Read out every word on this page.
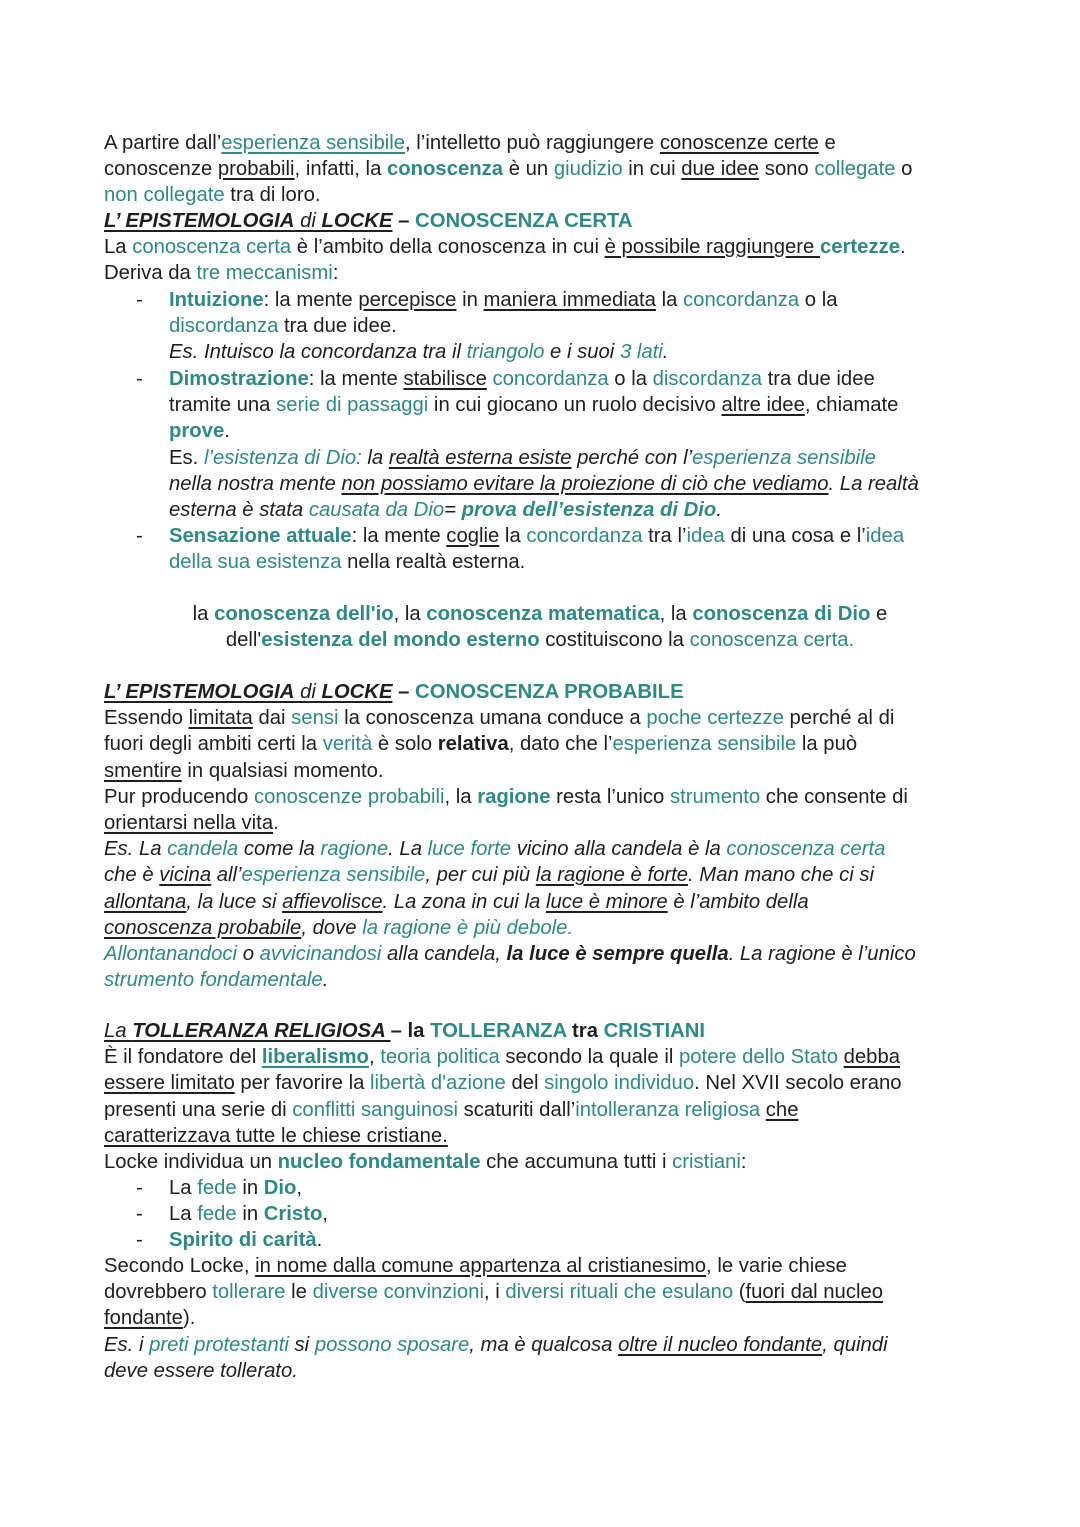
A partire dall’esperienza sensibile, l’intelletto può raggiungere conoscenze certe e
conoscenze probabili, infatti, la conoscenza è un giudizio in cui due idee sono collegate o
non collegate tra di loro.
L’ EPISTEMOLOGIA di LOCKE – CONOSCENZA CERTA
La conoscenza certa è l’ambito della conoscenza in cui è possibile raggiungere certezze.
Deriva da tre meccanismi:
-	Intuizione: la mente percepisce in maniera immediata la concordanza o la
discordanza tra due idee.
Es. Intuisco la concordanza tra il triangolo e i suoi 3 lati.
-	Dimostrazione: la mente stabilisce concordanza o la discordanza tra due idee
tramite una serie di passaggi in cui giocano un ruolo decisivo altre idee, chiamate
prove.
Es. l’esistenza di Dio: la realtà esterna esiste perché con l’esperienza sensibile
nella nostra mente non possiamo evitare la proiezione di ciò che vediamo. La realtà
esterna è stata causata da Dio= prova dell’esistenza di Dio.
-	Sensazione attuale: la mente coglie la concordanza tra l’idea di una cosa e l’idea
della sua esistenza nella realtà esterna.
la conoscenza dell'io, la conoscenza matematica, la conoscenza di Dio e
dell'esistenza del mondo esterno costituiscono la conoscenza certa.
L’ EPISTEMOLOGIA di LOCKE – CONOSCENZA PROBABILE
Essendo limitata dai sensi la conoscenza umana conduce a poche certezze perché al di
fuori degli ambiti certi la verità è solo relativa, dato che l’esperienza sensibile la può
smentire in qualsiasi momento.
Pur producendo conoscenze probabili, la ragione resta l’unico strumento che consente di
orientarsi nella vita.
Es. La candela come la ragione. La luce forte vicino alla candela è la conoscenza certa
che è vicina all’esperienza sensibile, per cui più la ragione è forte. Man mano che ci si
allontana, la luce si affievolisce. La zona in cui la luce è minore è l’ambito della
conoscenza probabile, dove la ragione è più debole.
Allontanandoci o avvicinandosi alla candela, la luce è sempre quella. La ragione è l’unico
strumento fondamentale.
La TOLLERANZA RELIGIOSA – la TOLLERANZA tra CRISTIANI
È il fondatore del liberalismo, teoria politica secondo la quale il potere dello Stato debba
essere limitato per favorire la libertà d'azione del singolo individuo. Nel XVII secolo erano
presenti una serie di conflitti sanguinosi scaturiti dall’intolleranza religiosa che
caratterizzava tutte le chiese cristiane.
Locke individua un nucleo fondamentale che accumuna tutti i cristiani:
-	La fede in Dio,
-	La fede in Cristo,
-	Spirito di carità.
Secondo Locke, in nome dalla comune appartenza al cristianesimo, le varie chiese
dovrebbero tollerare le diverse convinzioni, i diversi rituali che esulano (fuori dal nucleo
fondante).
Es. i preti protestanti si possono sposare, ma è qualcosa oltre il nucleo fondante, quindi
deve essere tollerato.
